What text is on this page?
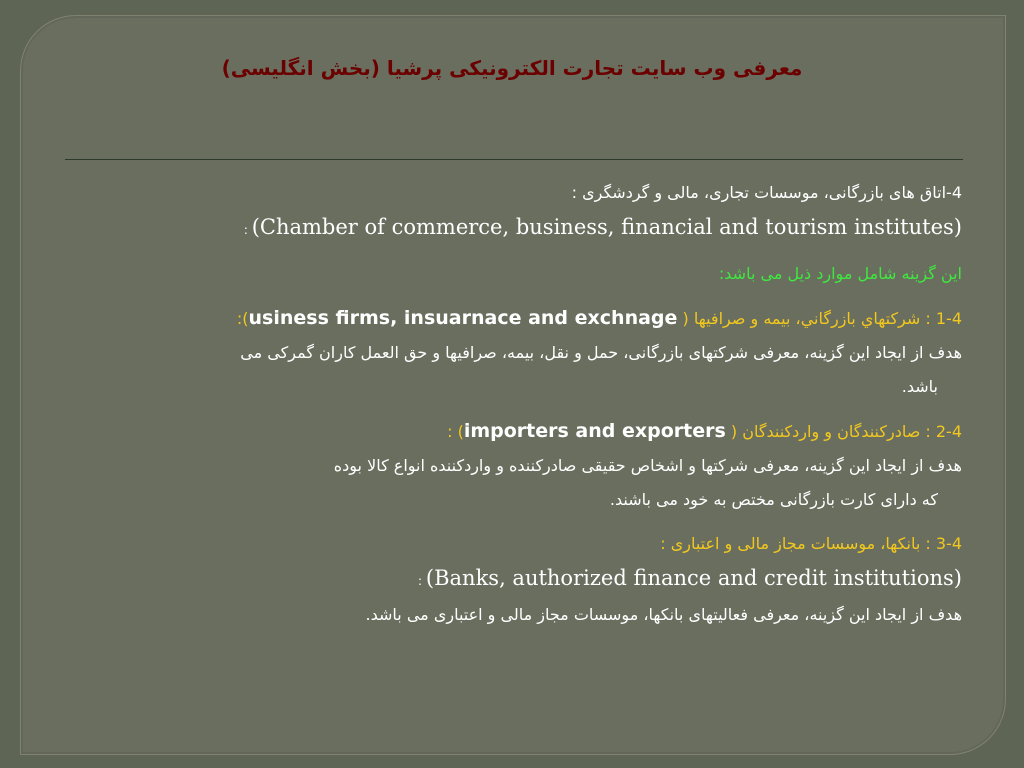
معرفی وب سایت تجارت الکترونیکی پرشیا (بخش انگلیسی)
4-اتاق های بازرگانی، موسسات تجاری، مالی و گردشگری :
(Chamber of commerce, business, financial and tourism institutes) :
این گزینه شامل موارد ذیل می باشد:
1-4 : شرکتهاي بازرگاني، بيمه و صرافيها ( usiness firms, insuarnace and exchnage):
هدف از ایجاد این گزینه، معرفی شرکتهای بازرگانی، حمل و نقل، بیمه، صرافیها و حق العمل کاران گمرکی می
باشد.
2-4 : صادرکنندگان و واردکنندگان ( importers and exporters) :
هدف از ایجاد این گزینه، معرفی شرکتها و اشخاص حقیقی صادرکننده و واردکننده انواع کالا بوده
که دارای کارت بازرگانی مختص به خود می باشند.
3-4 : بانکها، موسسات مجاز مالی و اعتباری :
(Banks, authorized finance and credit institutions) :
هدف از ایجاد این گزینه، معرفی فعالیتهای بانکها، موسسات مجاز مالی و اعتباری می باشد.
